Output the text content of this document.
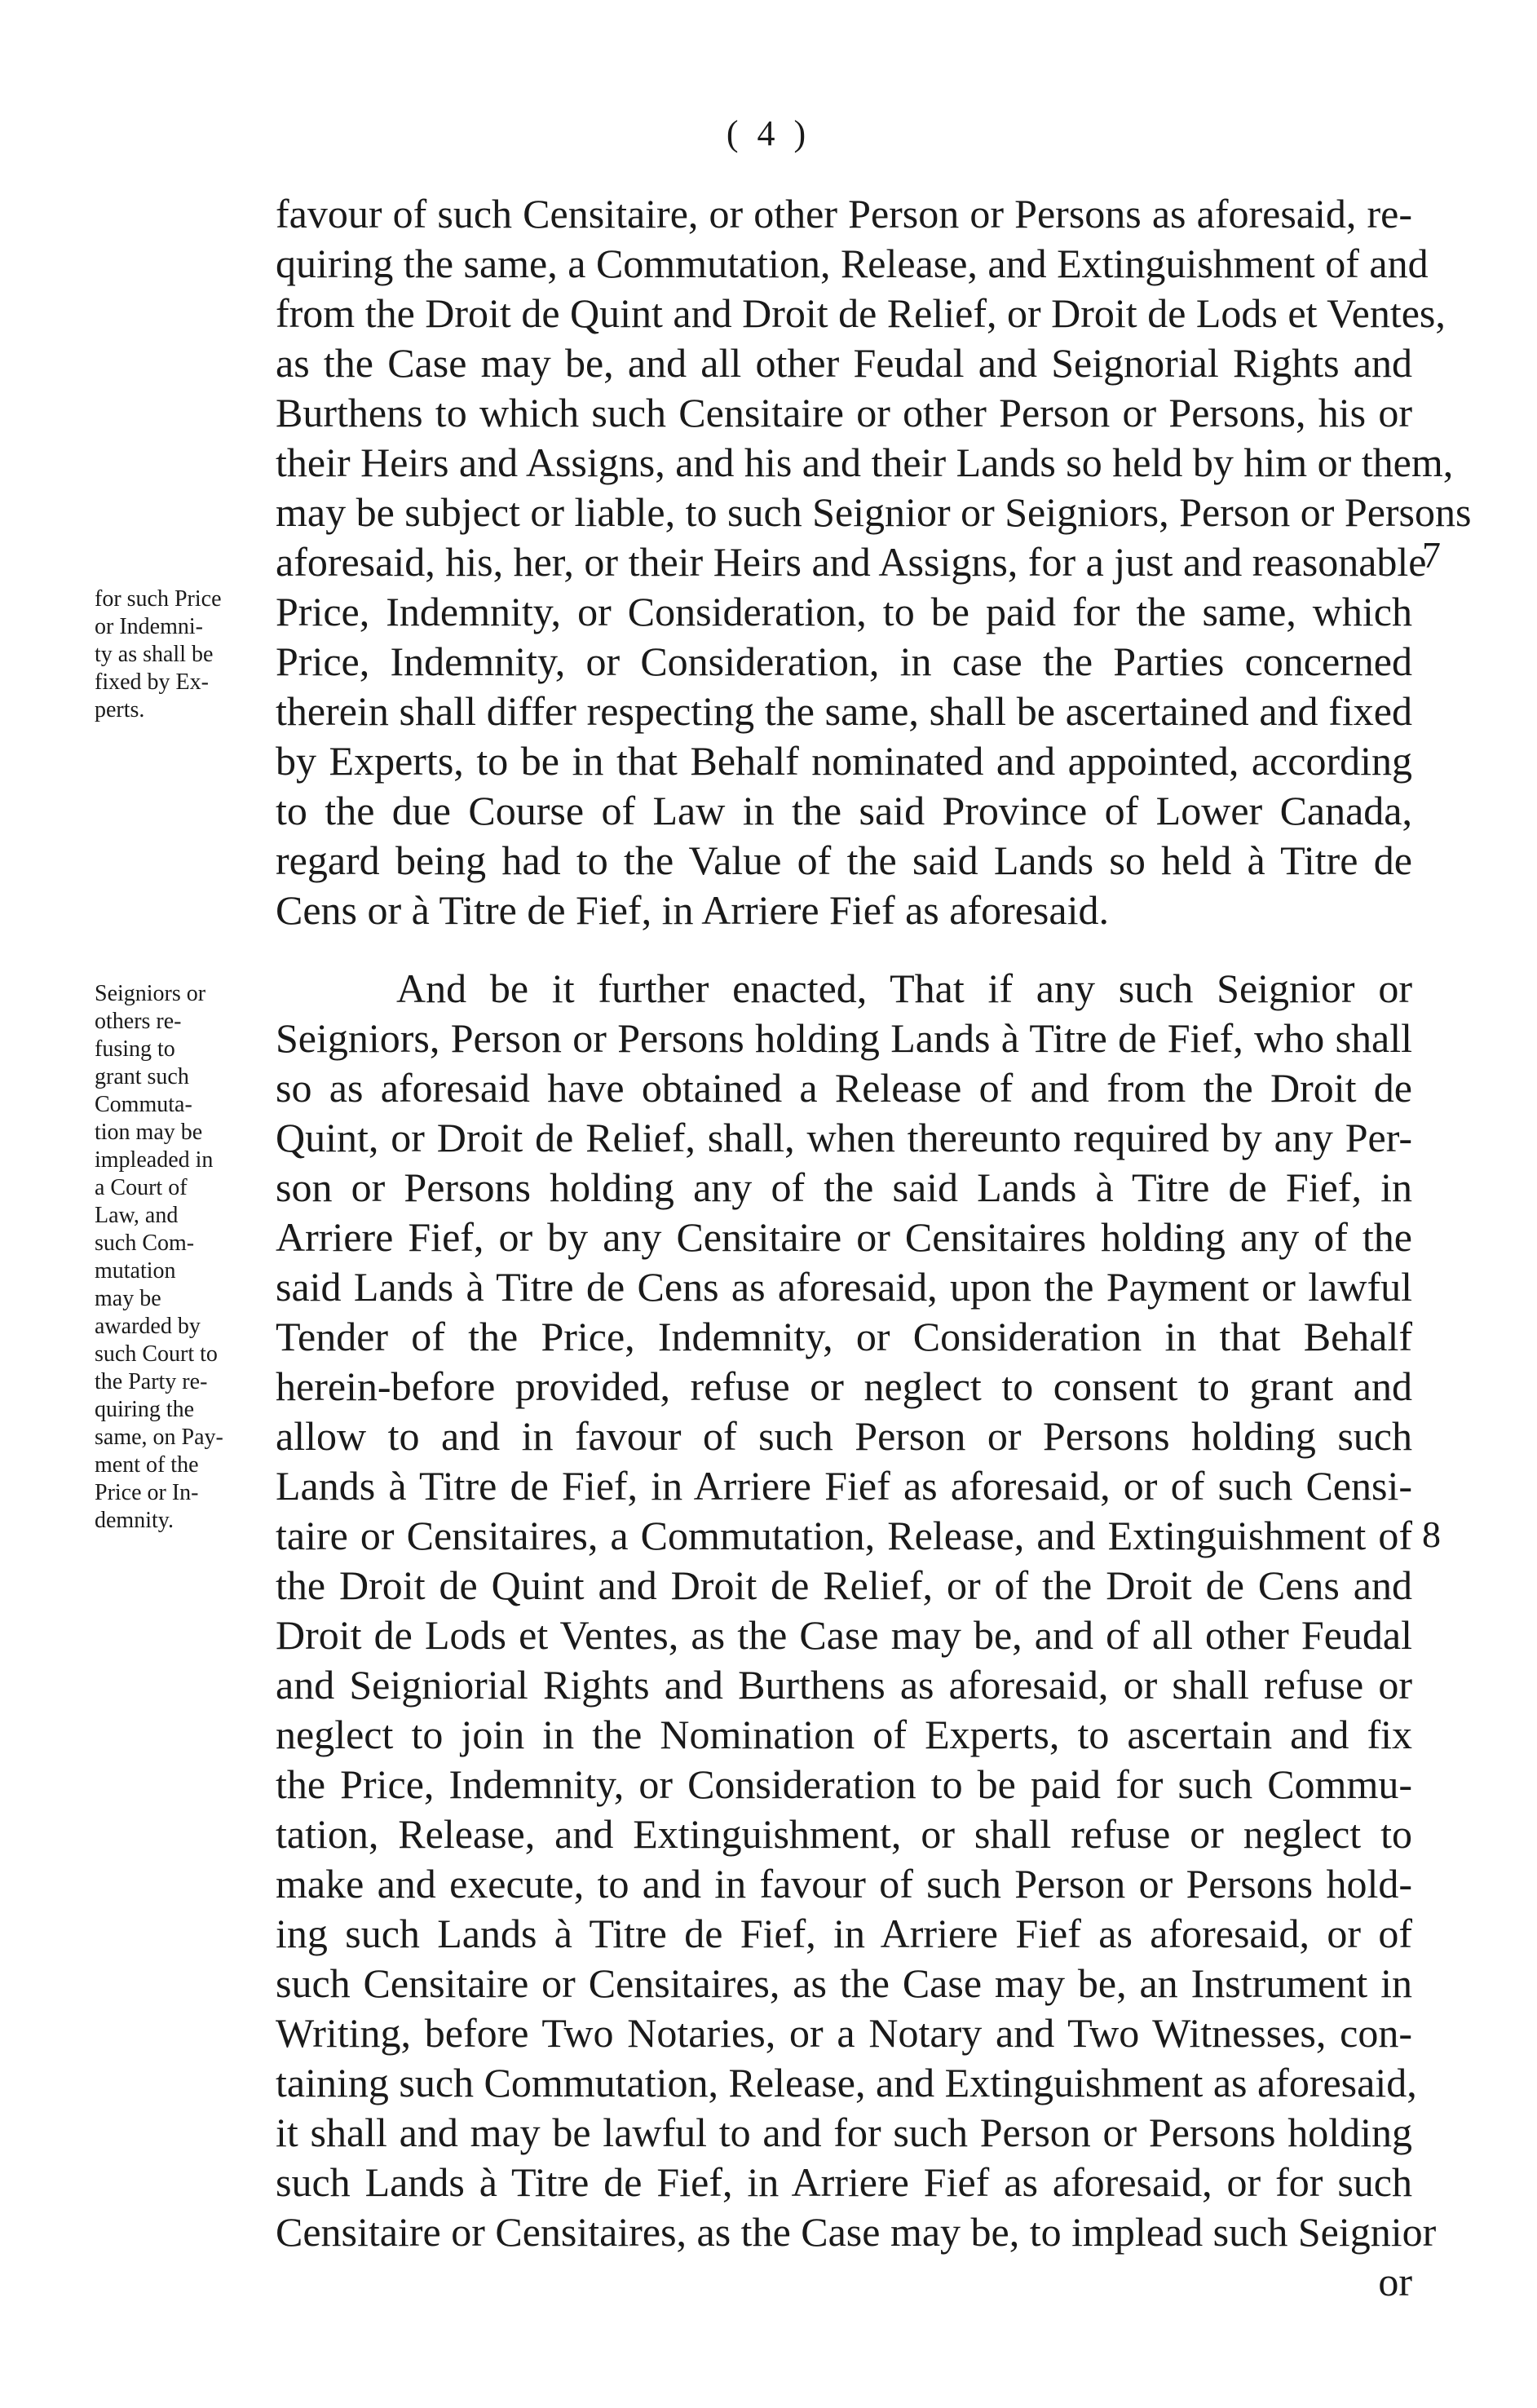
( 4 )
for such Price
or Indemni-
ty as shall be
fixed by Ex-
perts.
Seigniors or
others re-
fusing to
grant such
Commuta-
tion may be
impleaded in
a Court of
Law, and
such Com-
mutation
may be
awarded by
such Court to
the Party re-
quiring the
same, on Pay-
ment of the
Price or In-
demnity.
7
8
favour of such Censitaire, or other Person or Persons as aforesaid, re-
quiring the same, a Commutation, Release, and Extinguishment of and
from the Droit de Quint and Droit de Relief, or Droit de Lods et Ventes,
as the Case may be, and all other Feudal and Seignorial Rights and
Burthens to which such Censitaire or other Person or Persons, his or
their Heirs and Assigns, and his and their Lands so held by him or them,
may be subject or liable, to such Seignior or Seigniors, Person or Persons
aforesaid, his, her, or their Heirs and Assigns, for a just and reasonable
Price, Indemnity, or Consideration, to be paid for the same, which
Price, Indemnity, or Consideration, in case the Parties concerned
therein shall differ respecting the same, shall be ascertained and fixed
by Experts, to be in that Behalf nominated and appointed, according
to the due Course of Law in the said Province of Lower Canada,
regard being had to the Value of the said Lands so held à Titre de
Cens or à Titre de Fief, in Arriere Fief as aforesaid.
And be it further enacted, That if any such Seignior or
Seigniors, Person or Persons holding Lands à Titre de Fief, who shall
so as aforesaid have obtained a Release of and from the Droit de
Quint, or Droit de Relief, shall, when thereunto required by any Per-
son or Persons holding any of the said Lands à Titre de Fief, in
Arriere Fief, or by any Censitaire or Censitaires holding any of the
said Lands à Titre de Cens as aforesaid, upon the Payment or lawful
Tender of the Price, Indemnity, or Consideration in that Behalf
herein-before provided, refuse or neglect to consent to grant and
allow to and in favour of such Person or Persons holding such
Lands à Titre de Fief, in Arriere Fief as aforesaid, or of such Censi-
taire or Censitaires, a Commutation, Release, and Extinguishment of
the Droit de Quint and Droit de Relief, or of the Droit de Cens and
Droit de Lods et Ventes, as the Case may be, and of all other Feudal
and Seigniorial Rights and Burthens as aforesaid, or shall refuse or
neglect to join in the Nomination of Experts, to ascertain and fix
the Price, Indemnity, or Consideration to be paid for such Commu-
tation, Release, and Extinguishment, or shall refuse or neglect to
make and execute, to and in favour of such Person or Persons hold-
ing such Lands à Titre de Fief, in Arriere Fief as aforesaid, or of
such Censitaire or Censitaires, as the Case may be, an Instrument in
Writing, before Two Notaries, or a Notary and Two Witnesses, con-
taining such Commutation, Release, and Extinguishment as aforesaid,
it shall and may be lawful to and for such Person or Persons holding
such Lands à Titre de Fief, in Arriere Fief as aforesaid, or for such
Censitaire or Censitaires, as the Case may be, to implead such Seignior
or
